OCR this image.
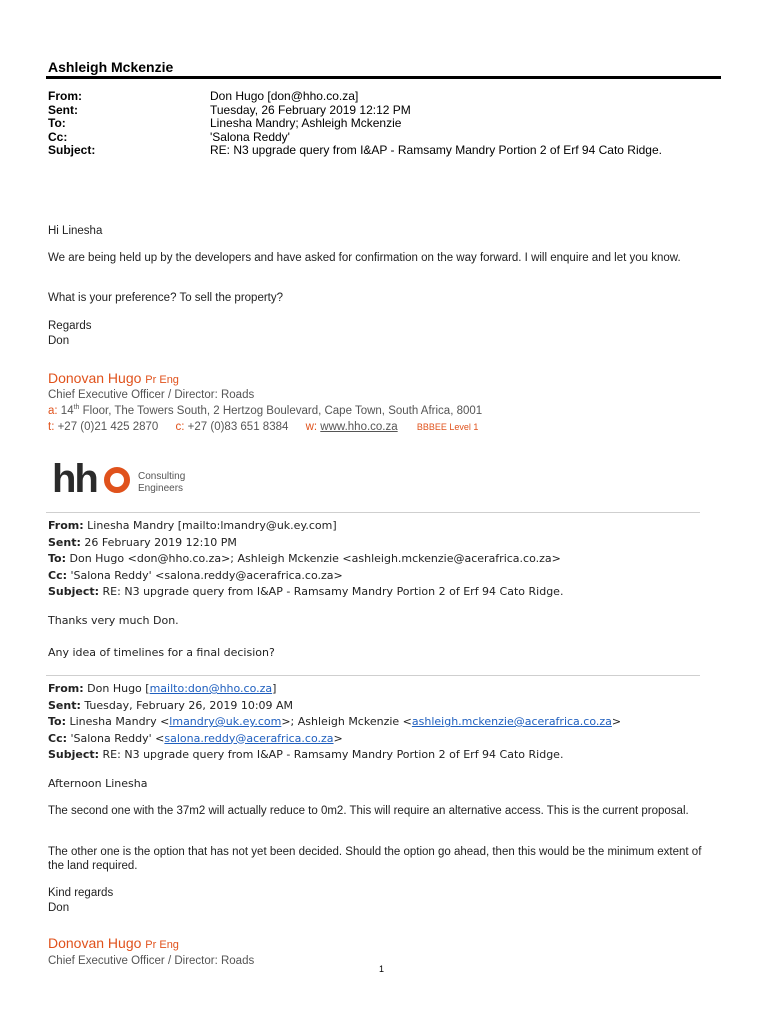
Ashleigh Mckenzie
From:	Don Hugo [don@hho.co.za]
Sent:	Tuesday, 26 February 2019 12:12 PM
To:	Linesha Mandry; Ashleigh Mckenzie
Cc:	'Salona Reddy'
Subject:	RE: N3 upgrade query from I&AP - Ramsamy Mandry Portion 2 of Erf 94 Cato Ridge.
Hi Linesha
We are being held up by the developers and have asked for confirmation on the way forward. I will enquire and let you know.
What is your preference? To sell the property?
Regards
Don
Donovan Hugo Pr Eng
Chief Executive Officer / Director: Roads
a: 14th Floor, The Towers South, 2 Hertzog Boulevard, Cape Town, South Africa, 8001
t: +27 (0)21 425 2870 c: +27 (0)83 651 8384 w: www.hho.co.za BBBEE Level 1
hh	Consulting
Engineers
From: Linesha Mandry [mailto:lmandry@uk.ey.com]
Sent: 26 February 2019 12:10 PM
To: Don Hugo <don@hho.co.za>; Ashleigh Mckenzie <ashleigh.mckenzie@acerafrica.co.za>
Cc: 'Salona Reddy' <salona.reddy@acerafrica.co.za>
Subject: RE: N3 upgrade query from I&AP - Ramsamy Mandry Portion 2 of Erf 94 Cato Ridge.
Thanks very much Don.
Any idea of timelines for a final decision?
From: Don Hugo [mailto:don@hho.co.za]
Sent: Tuesday, February 26, 2019 10:09 AM
To: Linesha Mandry <lmandry@uk.ey.com>; Ashleigh Mckenzie <ashleigh.mckenzie@acerafrica.co.za>
Cc: 'Salona Reddy' <salona.reddy@acerafrica.co.za>
Subject: RE: N3 upgrade query from I&AP - Ramsamy Mandry Portion 2 of Erf 94 Cato Ridge.
Afternoon Linesha
The second one with the 37m2 will actually reduce to 0m2. This will require an alternative access. This is the current proposal.
The other one is the option that has not yet been decided. Should the option go ahead, then this would be the minimum extent of the land required.
Kind regards
Don
Donovan Hugo Pr Eng
Chief Executive Officer / Director: Roads
1
